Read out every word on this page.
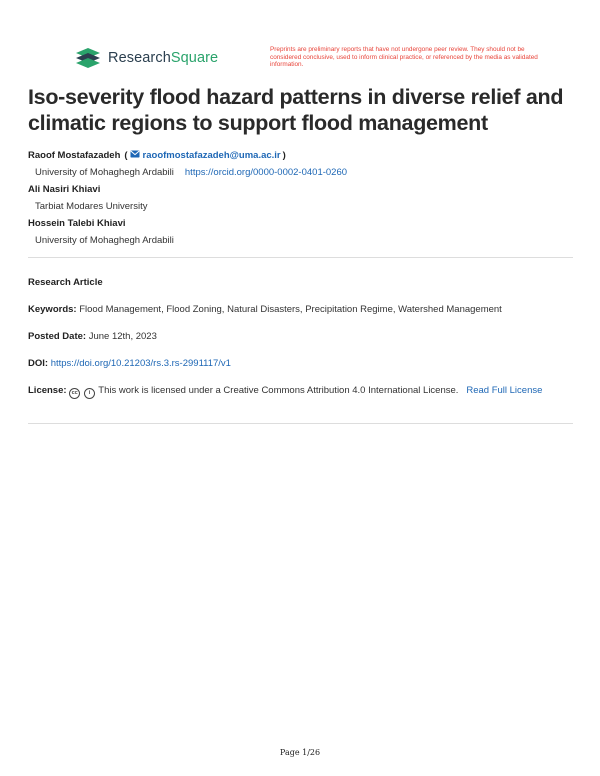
ResearchSquare
Preprints are preliminary reports that have not undergone peer review. They should not be considered conclusive, used to inform clinical practice, or referenced by the media as validated information.
Iso-severity flood hazard patterns in diverse relief and climatic regions to support flood management
Raoof Mostafazadeh ( raoofmostafazadeh@uma.ac.ir )
University of Mohaghegh Ardabili https://orcid.org/0000-0002-0401-0260
Ali Nasiri Khiavi
Tarbiat Modares University
Hossein Talebi Khiavi
University of Mohaghegh Ardabili
Research Article
Keywords: Flood Management, Flood Zoning, Natural Disasters, Precipitation Regime, Watershed Management
Posted Date: June 12th, 2023
DOI: https://doi.org/10.21203/rs.3.rs-2991117/v1
License: cc i This work is licensed under a Creative Commons Attribution 4.0 International License. Read Full License
Page 1/26
